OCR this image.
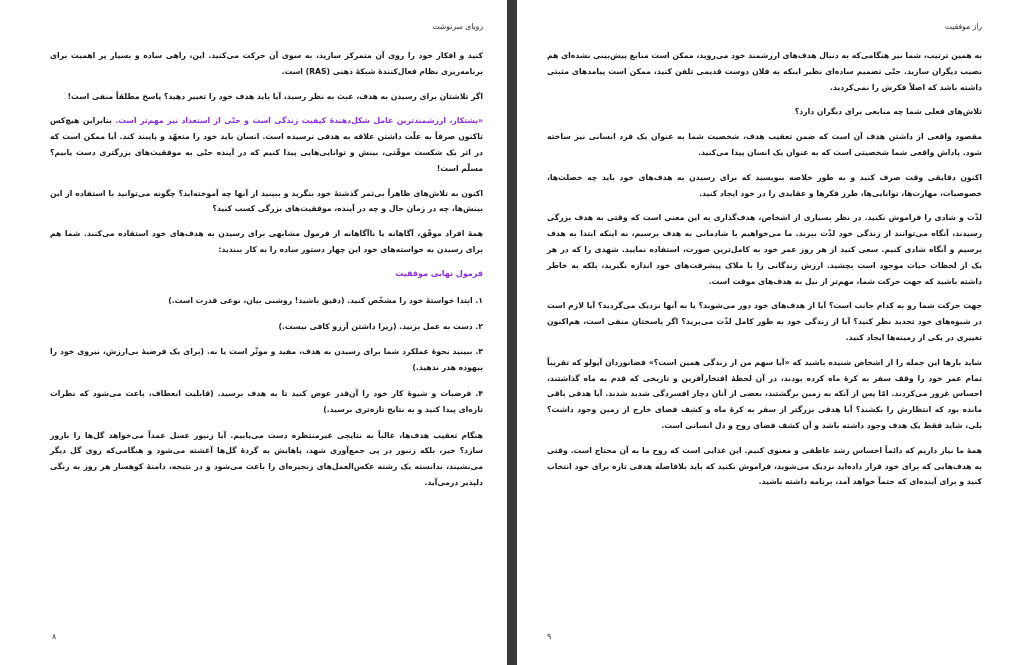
رویای سرنوشت

کنید و افکار خود را روی آن متمرکز سازید، به سوی آن حرکت می‌کنید. این، راهی ساده و بسیار پر اهمیت برای برنامه‌ریزی نظام فعال‌کنندهٔ شبکهٔ ذهنی (RAS) است.

اگر تلاشتان برای رسیدن به هدف، عبث به نظر رسید، آیا باید هدف خود را تغییر دهید؟ پاسخ مطلقاً منفی است!

«پشتکار، ارزشمندترین عامل شکل‌دهندهٔ کیفیت زندگی است و حتّی از استعداد نیز مهم‌تر است. بنابراین هیچ‌کس تاکنون صرفاً به علّت داشتن علاقه به هدفی نرسیده است. انسان باید خود را متعهّد و پایبند کند. آیا ممکن است که در اثر یک شکست موقّتی، بینش و توانایی‌هایی پیدا کنیم که در آینده حتّی به موفقیت‌های بزرگتری دست یابیم؟ مسلّم است!

اکنون به تلاش‌های ظاهراً بی‌ثمر گذشتهٔ خود بنگرید و ببینید از آنها چه آموخته‌اید؟ چگونه می‌توانید با استفاده از این بینش‌ها، چه در زمان حال و چه در آینده، موفقیت‌های بزرگی کسب کنید؟

همهٔ افراد موفّق، آگاهانه یا ناآگاهانه از فرمول مشابهی برای رسیدن به هدف‌های خود استفاده می‌کنند. شما هم برای رسیدن به خواسته‌های خود این چهار دستور ساده را به کار ببندید:

فرمول نهایی موفقیت

۱. ابتدا خواستهٔ خود را مشخّص کنید. (دقیق باشید! روشنی بیان، نوعی قدرت است.)

۲. دست به عمل بزنید. (زیرا داشتن آرزو کافی نیست.)

۳. ببینید نحوهٔ عملکرد شما برای رسیدن به هدف، مفید و موثّر است یا نه. (برای یک فرضیهٔ بی‌ارزش، نیروی خود را بیهوده هدر ندهید.)

۴. فرضیات و شیوهٔ کار خود را آن‌قدر عوض کنید تا به هدف برسید. (قابلیت انعطاف، باعث می‌شود که نظرات تازه‌ای پیدا کنید و به نتایج تازه‌تری برسید.)

هنگام تعقیب هدف‌ها، غالباً به نتایجی غیرمنتظره دست می‌یابیم. آیا زنبور عسل عمداً می‌خواهد گل‌ها را بارور سازد؟ خیر، بلکه زنبور در پی جمع‌آوری شهد، پاهایش به گردهٔ گل‌ها آغشته می‌شود و هنگامی‌که روی گل دیگر می‌نشیند، ندانسته یک رشته عکس‌العمل‌های زنجیره‌ای را باعث می‌شود و در نتیجه، دامنهٔ کوهسار هر روز به رنگی دلپذیر درمی‌آید.

۸
راز موفقیت

به همین ترتیب، شما نیز هنگامی‌که به دنبال هدف‌های ارزشمند خود می‌روید، ممکن است منابع پیش‌بینی نشده‌ای هم نصیب دیگران سازید. حتّی تصمیم ساده‌ای نظیر اینکه به فلان دوست قدیمی تلفن کنید، ممکن است پیامدهای مثبتی داشته باشد که اصلاً فکرش را نمی‌کردید.

تلاش‌های فعلی شما چه منابعی برای دیگران دارد؟

مقصود واقعی از داشتن هدف آن است که ضمن تعقیب هدف، شخصیت شما به عنوان یک فرد انسانی نیز ساخته شود. پاداش واقعی شما شخصیتی است که به عنوان یک انسان پیدا می‌کنید.

اکنون دقایقی وقت صرف کنید و به طور خلاصه بنویسید که برای رسیدن به هدف‌های خود باید چه خصلت‌ها، خصوصیات، مهارت‌ها، توانایی‌ها، طرز فکرها و عقایدی را در خود ایجاد کنید.

لذّت و شادی را فراموش نکنید. در نظر بسیاری از اشخاص، هدف‌گذاری به این معنی است که وقتی به هدف بزرگی رسیدند، آنگاه می‌توانند از زندگی خود لذّت ببرند. ما می‌خواهیم با شادمانی به هدف برسیم، نه اینکه ابتدا به هدف برسیم و آنگاه شادی کنیم. سعی کنید از هر روز عمر خود به کامل‌ترین صورت، استفاده نمایید. شهدی را که در هر یک از لحظات حیات موجود است بچشید. ارزش زندگانی را با ملاک پیشرفت‌های خود اندازه نگیرید، بلکه به خاطر داشته باشید که جهت حرکت شما، مهم‌تر از نیل به هدف‌های موقت است.

جهت حرکت شما رو به کدام جانب است؟ آیا از هدف‌های خود دور می‌شوید؟ یا به آنها نزدیک می‌گردید؟ آیا لازم است در شیوه‌های خود تجدید نظر کنید؟ آیا از زندگی خود به طور کامل لذّت می‌برید؟ اگر پاسختان منفی است، هم‌اکنون تغییری در یکی از زمینه‌ها ایجاد کنید.

شاید بارها این جمله را از اشخاص شنیده باشید که «آیا سهم من از زندگی همین است؟» فضانوردان آپولو که تقریباً تمام عمر خود را وقف سفر به کرهٔ ماه کرده بودند، در آن لحظهٔ افتخارآفرین و تاریخی که قدم به ماه گذاشتند، احساس غرور می‌کردند. امّا پس از آنکه به زمین برگشتند، بعضی از آنان دچار افسردگی شدید شدند. آیا هدفی باقی مانده بود که انتظارش را بکشند؟ آیا هدفی بزرگتر از سفر به کرهٔ ماه و کشف فضای خارج از زمین وجود داشت؟ بلی، شاید فقط یک هدف وجود داشته باشد و آن کشف فضای روح و دل انسانی است.

همهٔ ما نیاز داریم که دائماً احساس رشد عاطفی و معنوی کنیم. این غذایی است که روح ما به آن محتاج است. وقتی به هدف‌هایی که برای خود قرار داده‌اید نزدیک می‌شوید، فراموش نکنید که باید بلافاصله هدفی تازه برای خود انتخاب کنید و برای آینده‌ای که حتماً خواهد آمد، برنامه داشته باشید.

۹
